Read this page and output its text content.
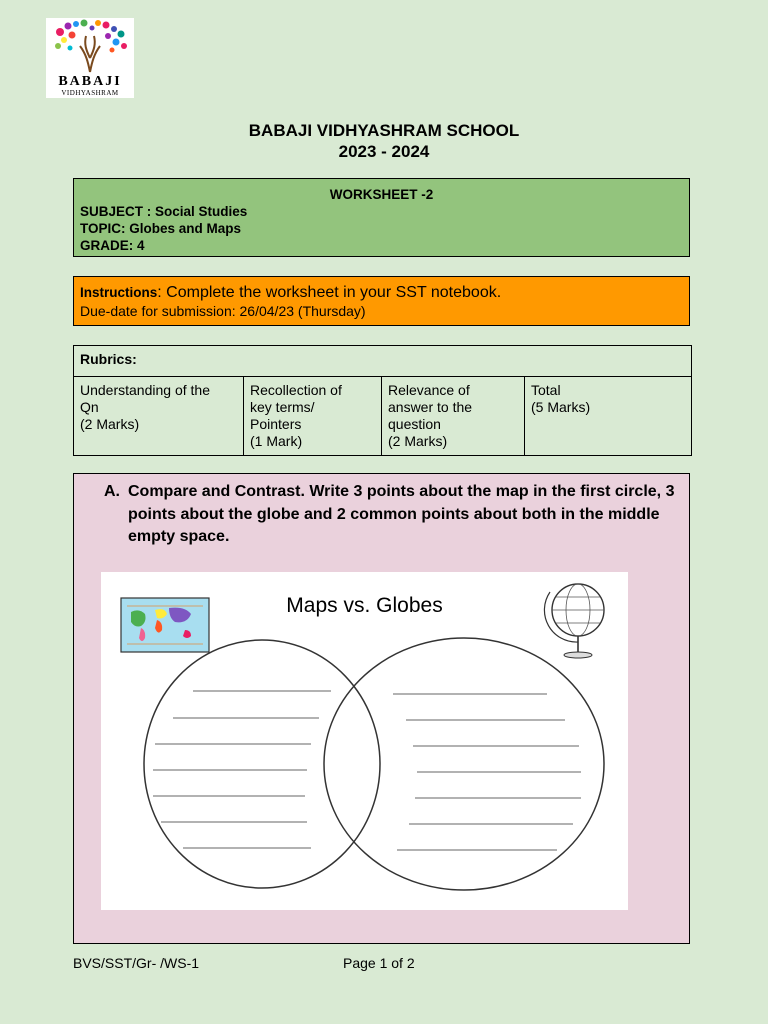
BABAJI
VIDHYASHRAM
BABAJI VIDHYASHRAM SCHOOL
2023 - 2024
WORKSHEET -2
SUBJECT : Social Studies
TOPIC: Globes and Maps
GRADE: 4
Instructions: Complete the worksheet in your SST notebook.
Due-date for submission: 26/04/23 (Thursday)
Rubrics:

Understanding of the
Qn
(2 Marks)

Recollection of
key terms/
Pointers
(1 Mark)

Relevance of
answer to the
question
(2 Marks)

Total
(5 Marks)
A. Compare and Contrast. Write 3 points about the map in the first circle, 3 points about the globe and 2 common points about both in the middle empty space.
Maps vs. Globes
BVS/SST/Gr- /WS-1	Page 1 of 2
